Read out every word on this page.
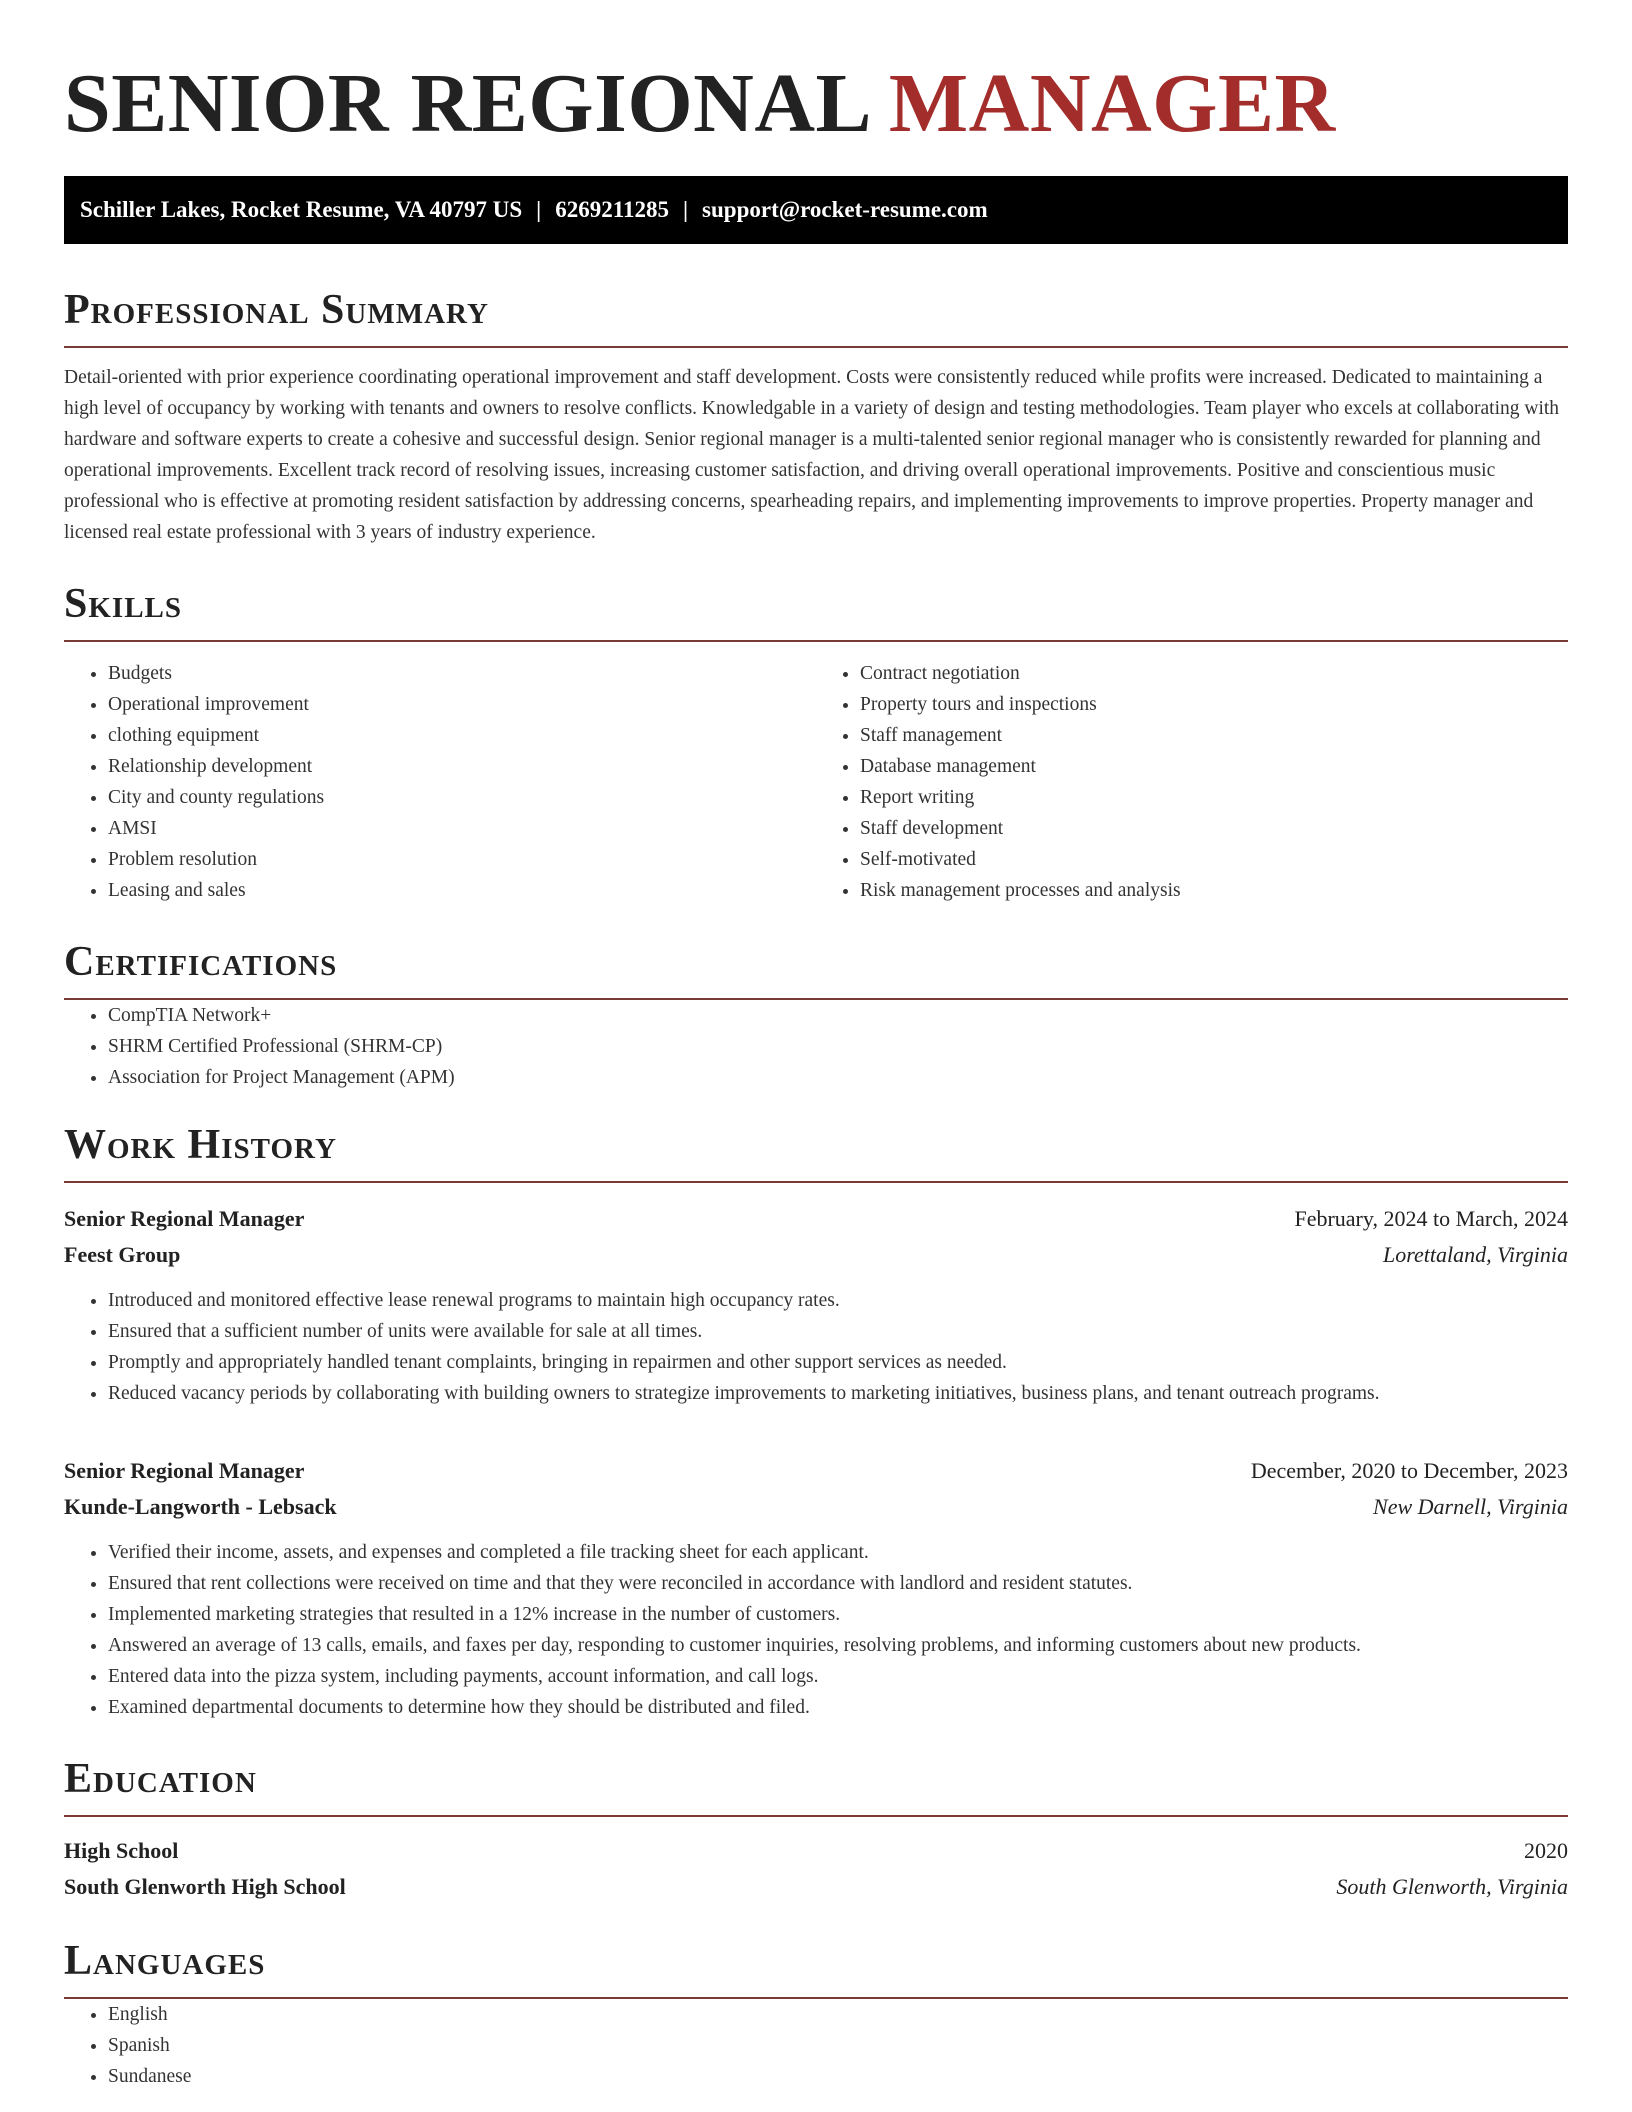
SENIOR REGIONAL MANAGER
Schiller Lakes, Rocket Resume, VA 40797 US | 6269211285 | support@rocket-resume.com
Professional Summary

Detail-oriented with prior experience coordinating operational improvement and staff development. Costs were consistently reduced while profits were increased. Dedicated to maintaining a high level of occupancy by working with tenants and owners to resolve conflicts. Knowledgable in a variety of design and testing methodologies. Team player who excels at collaborating with hardware and software experts to create a cohesive and successful design. Senior regional manager is a multi-talented senior regional manager who is consistently rewarded for planning and operational improvements. Excellent track record of resolving issues, increasing customer satisfaction, and driving overall operational improvements. Positive and conscientious music professional who is effective at promoting resident satisfaction by addressing concerns, spearheading repairs, and implementing improvements to improve properties. Property manager and licensed real estate professional with 3 years of industry experience.

Skills
• Budgets
• Operational improvement
• clothing equipment
• Relationship development
• City and county regulations
• AMSI
• Problem resolution
• Leasing and sales
• Contract negotiation
• Property tours and inspections
• Staff management
• Database management
• Report writing
• Staff development
• Self-motivated
• Risk management processes and analysis
Certifications
• CompTIA Network+
• SHRM Certified Professional (SHRM-CP)
• Association for Project Management (APM)
Work History
Senior Regional Manager	February, 2024 to March, 2024
Feest Group	Lorettaland, Virginia
• Introduced and monitored effective lease renewal programs to maintain high occupancy rates.
• Ensured that a sufficient number of units were available for sale at all times.
• Promptly and appropriately handled tenant complaints, bringing in repairmen and other support services as needed.
• Reduced vacancy periods by collaborating with building owners to strategize improvements to marketing initiatives, business plans, and tenant outreach programs.
Senior Regional Manager	December, 2020 to December, 2023
Kunde-Langworth - Lebsack	New Darnell, Virginia
• Verified their income, assets, and expenses and completed a file tracking sheet for each applicant.
• Ensured that rent collections were received on time and that they were reconciled in accordance with landlord and resident statutes.
• Implemented marketing strategies that resulted in a 12% increase in the number of customers.
• Answered an average of 13 calls, emails, and faxes per day, responding to customer inquiries, resolving problems, and informing customers about new products.
• Entered data into the pizza system, including payments, account information, and call logs.
• Examined departmental documents to determine how they should be distributed and filed.
Education
High School	2020
South Glenworth High School	South Glenworth, Virginia
Languages
• English
• Spanish
• Sundanese
